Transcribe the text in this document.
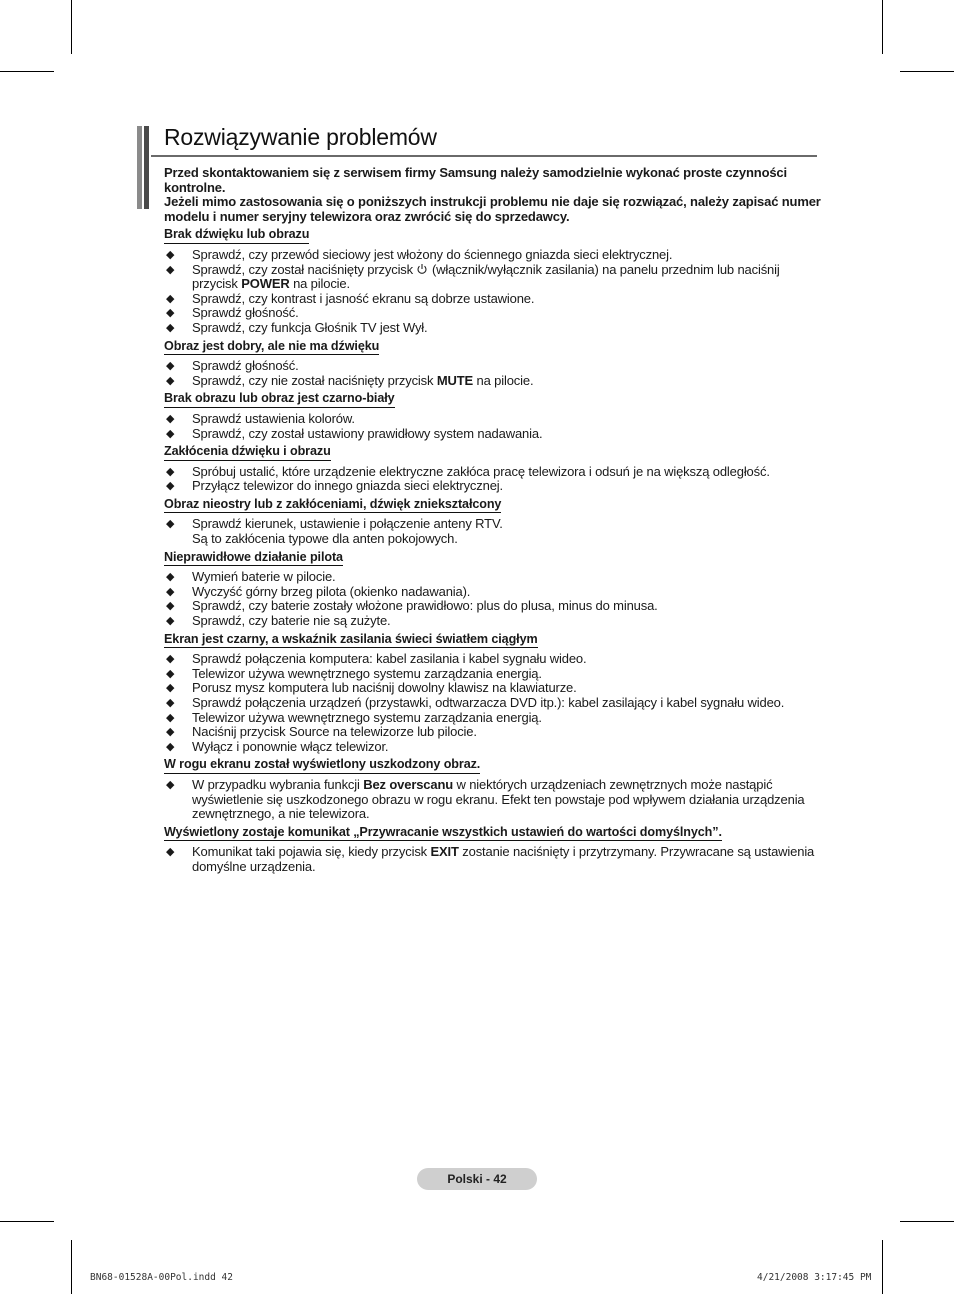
Rozwiązywanie problemów

Przed skontaktowaniem się z serwisem firmy Samsung należy samodzielnie wykonać proste czynności kontrolne.

Jeżeli mimo zastosowania się o poniższych instrukcji problemu nie daje się rozwiązać, należy zapisać numer modelu i numer seryjny telewizora oraz zwrócić się do sprzedawcy.

Brak dźwięku lub obrazu
◆ Sprawdź, czy przewód sieciowy jest włożony do ściennego gniazda sieci elektrycznej.
◆ Sprawdź, czy został naciśnięty przycisk (włącznik/wyłącznik zasilania) na panelu przednim lub naciśnij przycisk POWER na pilocie.
◆ Sprawdź, czy kontrast i jasność ekranu są dobrze ustawione.
◆ Sprawdź głośność.
◆ Sprawdź, czy funkcja Głośnik TV jest Wył.
Obraz jest dobry, ale nie ma dźwięku
◆ Sprawdź głośność.
◆ Sprawdź, czy nie został naciśnięty przycisk MUTE na pilocie.
Brak obrazu lub obraz jest czarno-biały
◆ Sprawdź ustawienia kolorów.
◆ Sprawdź, czy został ustawiony prawidłowy system nadawania.
Zakłócenia dźwięku i obrazu
◆ Spróbuj ustalić, które urządzenie elektryczne zakłóca pracę telewizora i odsuń je na większą odległość.
◆ Przyłącz telewizor do innego gniazda sieci elektrycznej.
Obraz nieostry lub z zakłóceniami, dźwięk zniekształcony
◆ Sprawdź kierunek, ustawienie i połączenie anteny RTV.
Są to zakłócenia typowe dla anten pokojowych.
Nieprawidłowe działanie pilota
◆ Wymień baterie w pilocie.
◆ Wyczyść górny brzeg pilota (okienko nadawania).
◆ Sprawdź, czy baterie zostały włożone prawidłowo: plus do plusa, minus do minusa.
◆ Sprawdź, czy baterie nie są zużyte.
Ekran jest czarny, a wskaźnik zasilania świeci światłem ciągłym
◆ Sprawdź połączenia komputera: kabel zasilania i kabel sygnału wideo.
◆ Telewizor używa wewnętrznego systemu zarządzania energią.
◆ Porusz mysz komputera lub naciśnij dowolny klawisz na klawiaturze.
◆ Sprawdź połączenia urządzeń (przystawki, odtwarzacza DVD itp.): kabel zasilający i kabel sygnału wideo.
◆ Telewizor używa wewnętrznego systemu zarządzania energią.
◆ Naciśnij przycisk Source na telewizorze lub pilocie.
◆ Wyłącz i ponownie włącz telewizor.
W rogu ekranu został wyświetlony uszkodzony obraz.
◆ W przypadku wybrania funkcji Bez overscanu w niektórych urządzeniach zewnętrznych może nastąpić wyświetlenie się uszkodzonego obrazu w rogu ekranu. Efekt ten powstaje pod wpływem działania urządzenia zewnętrznego, a nie telewizora.
Wyświetlony zostaje komunikat „Przywracanie wszystkich ustawień do wartości domyślnych”.
◆ Komunikat taki pojawia się, kiedy przycisk EXIT zostanie naciśnięty i przytrzymany. Przywracane są ustawienia domyślne urządzenia.
Polski - 42
BN68-01528A-00Pol.indd 42	4/21/2008 3:17:45 PM
